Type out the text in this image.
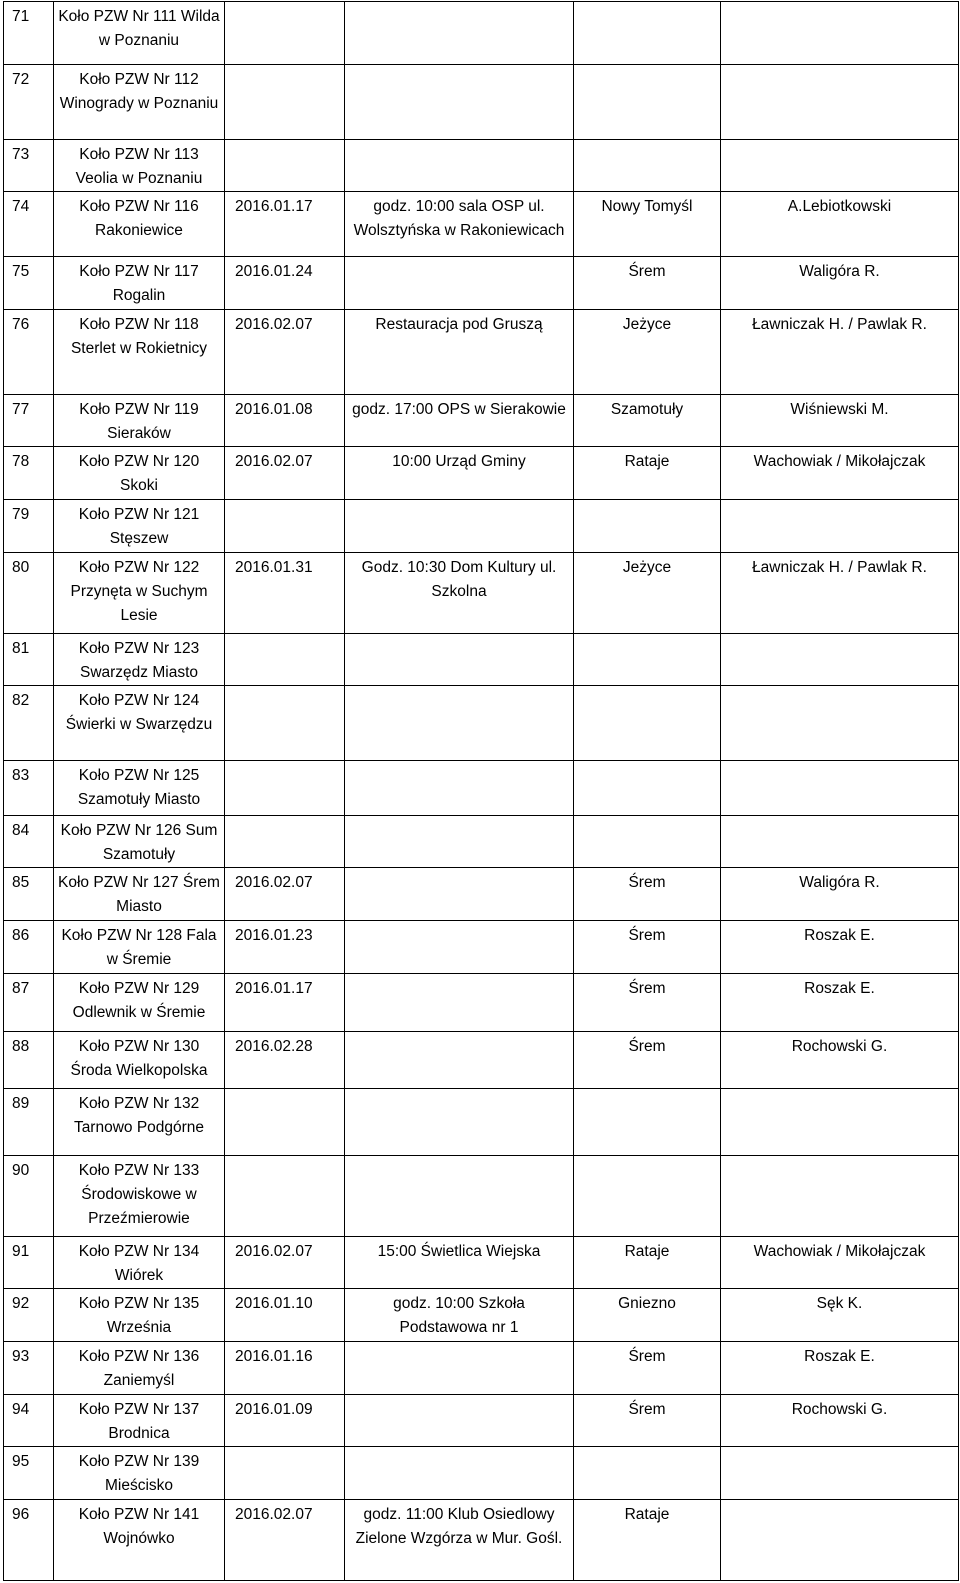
71	Koło PZW Nr 111 Wilda w Poznaniu				

72	Koło PZW Nr 112 Winogrady w Poznaniu				

73	Koło PZW Nr 113 Veolia w Poznaniu				

74	Koło PZW Nr 116 Rakoniewice	2016.01.17	godz. 10:00 sala OSP ul. Wolsztyńska w Rakoniewicach	Nowy Tomyśl	A.Lebiotkowski

75	Koło PZW Nr 117 Rogalin	2016.01.24		Śrem	Waligóra R.

76	Koło PZW Nr 118 Sterlet w Rokietnicy	2016.02.07	Restauracja pod Gruszą	Jeżyce	Ławniczak H. / Pawlak R.

77	Koło PZW Nr 119 Sieraków	2016.01.08	godz. 17:00 OPS w Sierakowie	Szamotuły	Wiśniewski M.

78	Koło PZW Nr 120 Skoki	2016.02.07	10:00 Urząd Gminy	Rataje	Wachowiak / Mikołajczak

79	Koło PZW Nr 121 Stęszew				

80	Koło PZW Nr 122 Przynęta w Suchym Lesie	2016.01.31	Godz. 10:30 Dom Kultury ul. Szkolna	Jeżyce	Ławniczak H. / Pawlak R.

81	Koło PZW Nr 123 Swarzędz Miasto				

82	Koło PZW Nr 124 Świerki w Swarzędzu				

83	Koło PZW Nr 125 Szamotuły Miasto				

84	Koło PZW Nr 126 Sum Szamotuły				

85	Koło PZW Nr 127 Śrem Miasto	2016.02.07		Śrem	Waligóra R.

86	Koło PZW Nr 128 Fala w Śremie	2016.01.23		Śrem	Roszak E.

87	Koło PZW Nr 129 Odlewnik w Śremie	2016.01.17		Śrem	Roszak E.

88	Koło PZW Nr 130 Środa Wielkopolska	2016.02.28		Śrem	Rochowski G.

89	Koło PZW Nr 132 Tarnowo Podgórne				

90	Koło PZW Nr 133 Środowiskowe w Przeźmierowie				

91	Koło PZW Nr 134 Wiórek	2016.02.07	15:00 Świetlica Wiejska	Rataje	Wachowiak / Mikołajczak

92	Koło PZW Nr 135 Września	2016.01.10	godz. 10:00 Szkoła Podstawowa nr 1	Gniezno	Sęk K.

93	Koło PZW Nr 136 Zaniemyśl	2016.01.16		Śrem	Roszak E.

94	Koło PZW Nr 137 Brodnica	2016.01.09		Śrem	Rochowski G.

95	Koło PZW Nr 139 Mieścisko				

96	Koło PZW Nr 141 Wojnówko	2016.02.07	godz. 11:00 Klub Osiedlowy Zielone Wzgórza w Mur. Gośl.	Rataje	
